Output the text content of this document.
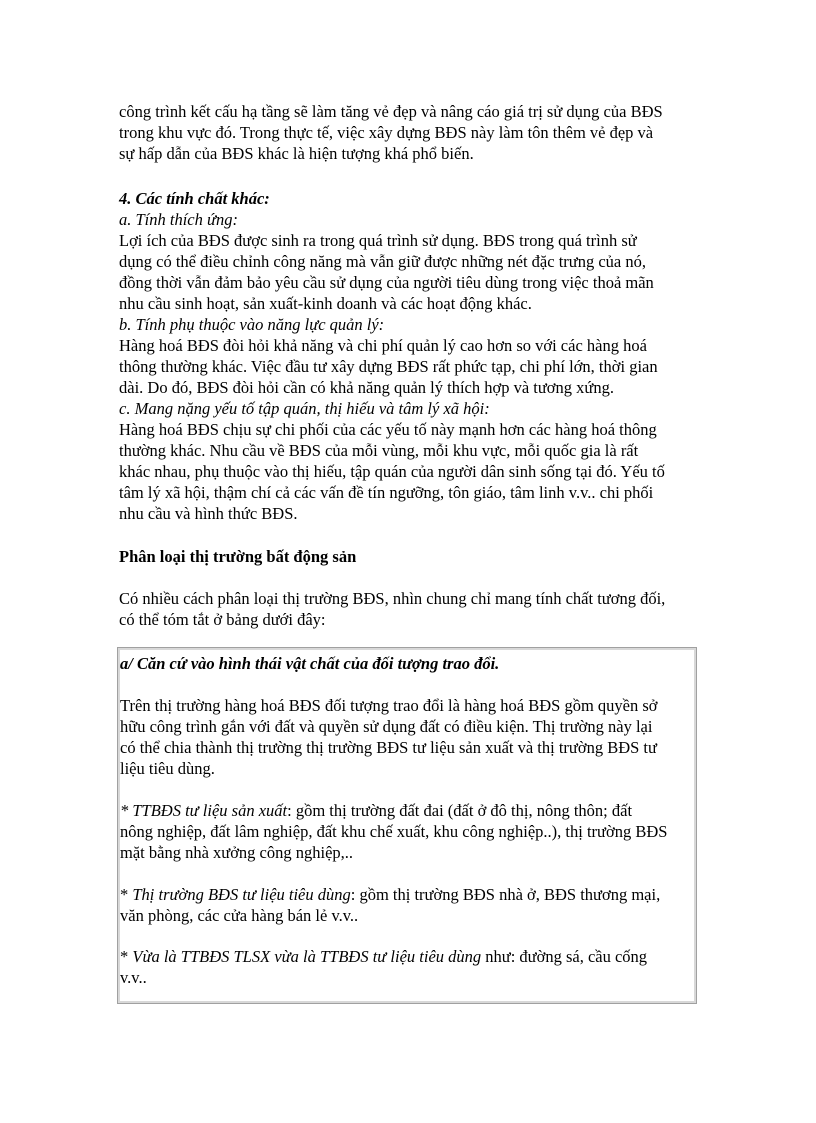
công trình kết cấu hạ tầng sẽ làm tăng vẻ đẹp và nâng cáo giá trị sử dụng của BĐS
trong khu vực đó. Trong thực tế, việc xây dựng BĐS này làm tôn thêm vẻ đẹp và
sự hấp dẫn của BĐS khác là hiện tượng khá phổ biến.
4. Các tính chất khác:
a. Tính thích ứng:
Lợi ích của BĐS được sinh ra trong quá trình sử dụng. BĐS trong quá trình sử
dụng có thể điều chỉnh công năng mà vẫn giữ được những nét đặc trưng của nó,
đồng thời vẫn đảm bảo yêu cầu sử dụng của người tiêu dùng trong việc thoả mãn
nhu cầu sinh hoạt, sản xuất-kinh doanh và các hoạt động khác.
b. Tính phụ thuộc vào năng lực quản lý:
Hàng hoá BĐS đòi hỏi khả năng và chi phí quản lý cao hơn so với các hàng hoá
thông thường khác. Việc đầu tư xây dựng BĐS rất phức tạp, chi phí lớn, thời gian
dài. Do đó, BĐS đòi hỏi cần có khả năng quản lý thích hợp và tương xứng.
c. Mang nặng yếu tố tập quán, thị hiếu và tâm lý xã hội:
Hàng hoá BĐS chịu sự chi phối của các yếu tố này mạnh hơn các hàng hoá thông
thường khác. Nhu cầu về BĐS của mỗi vùng, mỗi khu vực, mỗi quốc gia là rất
khác nhau, phụ thuộc vào thị hiếu, tập quán của người dân sinh sống tại đó. Yếu tố
tâm lý xã hội, thậm chí cả các vấn đề tín ngưỡng, tôn giáo, tâm linh v.v.. chi phối
nhu cầu và hình thức BĐS.
Phân loại thị trường bất động sản
Có nhiều cách phân loại thị trường BĐS, nhìn chung chỉ mang tính chất tương đối,
có thể tóm tắt ở bảng dưới đây:
a/ Căn cứ vào hình thái vật chất của đối tượng trao đổi.
Trên thị trường hàng hoá BĐS đối tượng trao đổi là hàng hoá BĐS gồm quyền sở
hữu công trình gắn với đất và quyền sử dụng đất có điều kiện. Thị trường này lại
có thể chia thành thị trường thị trường BĐS tư liệu sản xuất và thị trường BĐS tư
liệu tiêu dùng.
* TTBĐS tư liệu sản xuất: gồm thị trường đất đai (đất ở đô thị, nông thôn; đất
nông nghiệp, đất lâm nghiệp, đất khu chế xuất, khu công nghiệp..), thị trường BĐS
mặt bằng nhà xưởng công nghiệp,..
* Thị trường BĐS tư liệu tiêu dùng: gồm thị trường BĐS nhà ở, BĐS thương mại,
văn phòng, các cửa hàng bán lẻ v.v..
* Vừa là TTBĐS TLSX vừa là TTBĐS tư liệu tiêu dùng như: đường sá, cầu cống
v.v..
